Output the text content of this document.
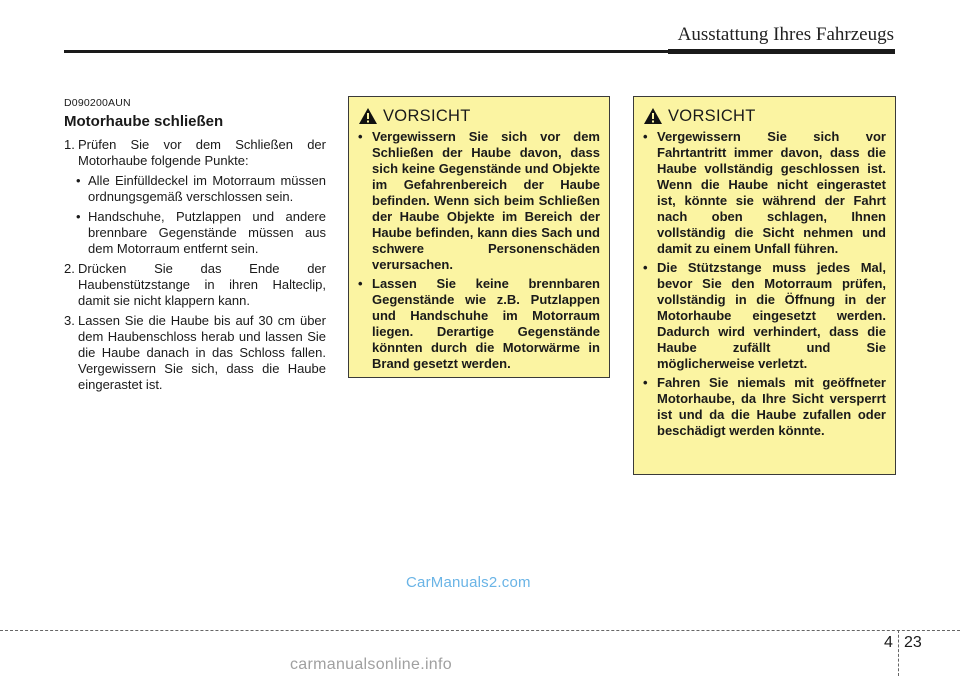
Ausstattung Ihres Fahrzeugs
D090200AUN
Motorhaube schließen
1. Prüfen Sie vor dem Schließen der Motorhaube folgende Punkte:
• Alle Einfülldeckel im Motorraum müssen ordnungsgemäß verschlossen sein.
• Handschuhe, Putzlappen und andere brennbare Gegenstände müssen aus dem Motorraum entfernt sein.
2. Drücken Sie das Ende der Haubenstützstange in ihren Halteclip, damit sie nicht klappern kann.
3. Lassen Sie die Haube bis auf 30 cm über dem Haubenschloss herab und lassen Sie die Haube danach in das Schloss fallen. Vergewissern Sie sich, dass die Haube eingerastet ist.
VORSICHT
• Vergewissern Sie sich vor dem Schließen der Haube davon, dass sich keine Gegenstände und Objekte im Gefahrenbereich der Haube befinden. Wenn sich beim Schließen der Haube Objekte im Bereich der Haube befinden, kann dies Sach und schwere Personenschäden verursachen.
• Lassen Sie keine brennbaren Gegenstände wie z.B. Putzlappen und Handschuhe im Motorraum liegen. Derartige Gegenstände könnten durch die Motorwärme in Brand gesetzt werden.
VORSICHT
• Vergewissern Sie sich vor Fahrtantritt immer davon, dass die Haube vollständig geschlossen ist. Wenn die Haube nicht eingerastet ist, könnte sie während der Fahrt nach oben schlagen, Ihnen vollständig die Sicht nehmen und damit zu einem Unfall führen.
• Die Stützstange muss jedes Mal, bevor Sie den Motorraum prüfen, vollständig in die Öffnung in der Motorhaube eingesetzt werden. Dadurch wird verhindert, dass die Haube zufällt und Sie möglicherweise verletzt.
• Fahren Sie niemals mit geöffneter Motorhaube, da Ihre Sicht versperrt ist und da die Haube zufallen oder beschädigt werden könnte.
CarManuals2.com
4 23
carmanualsonline.info
